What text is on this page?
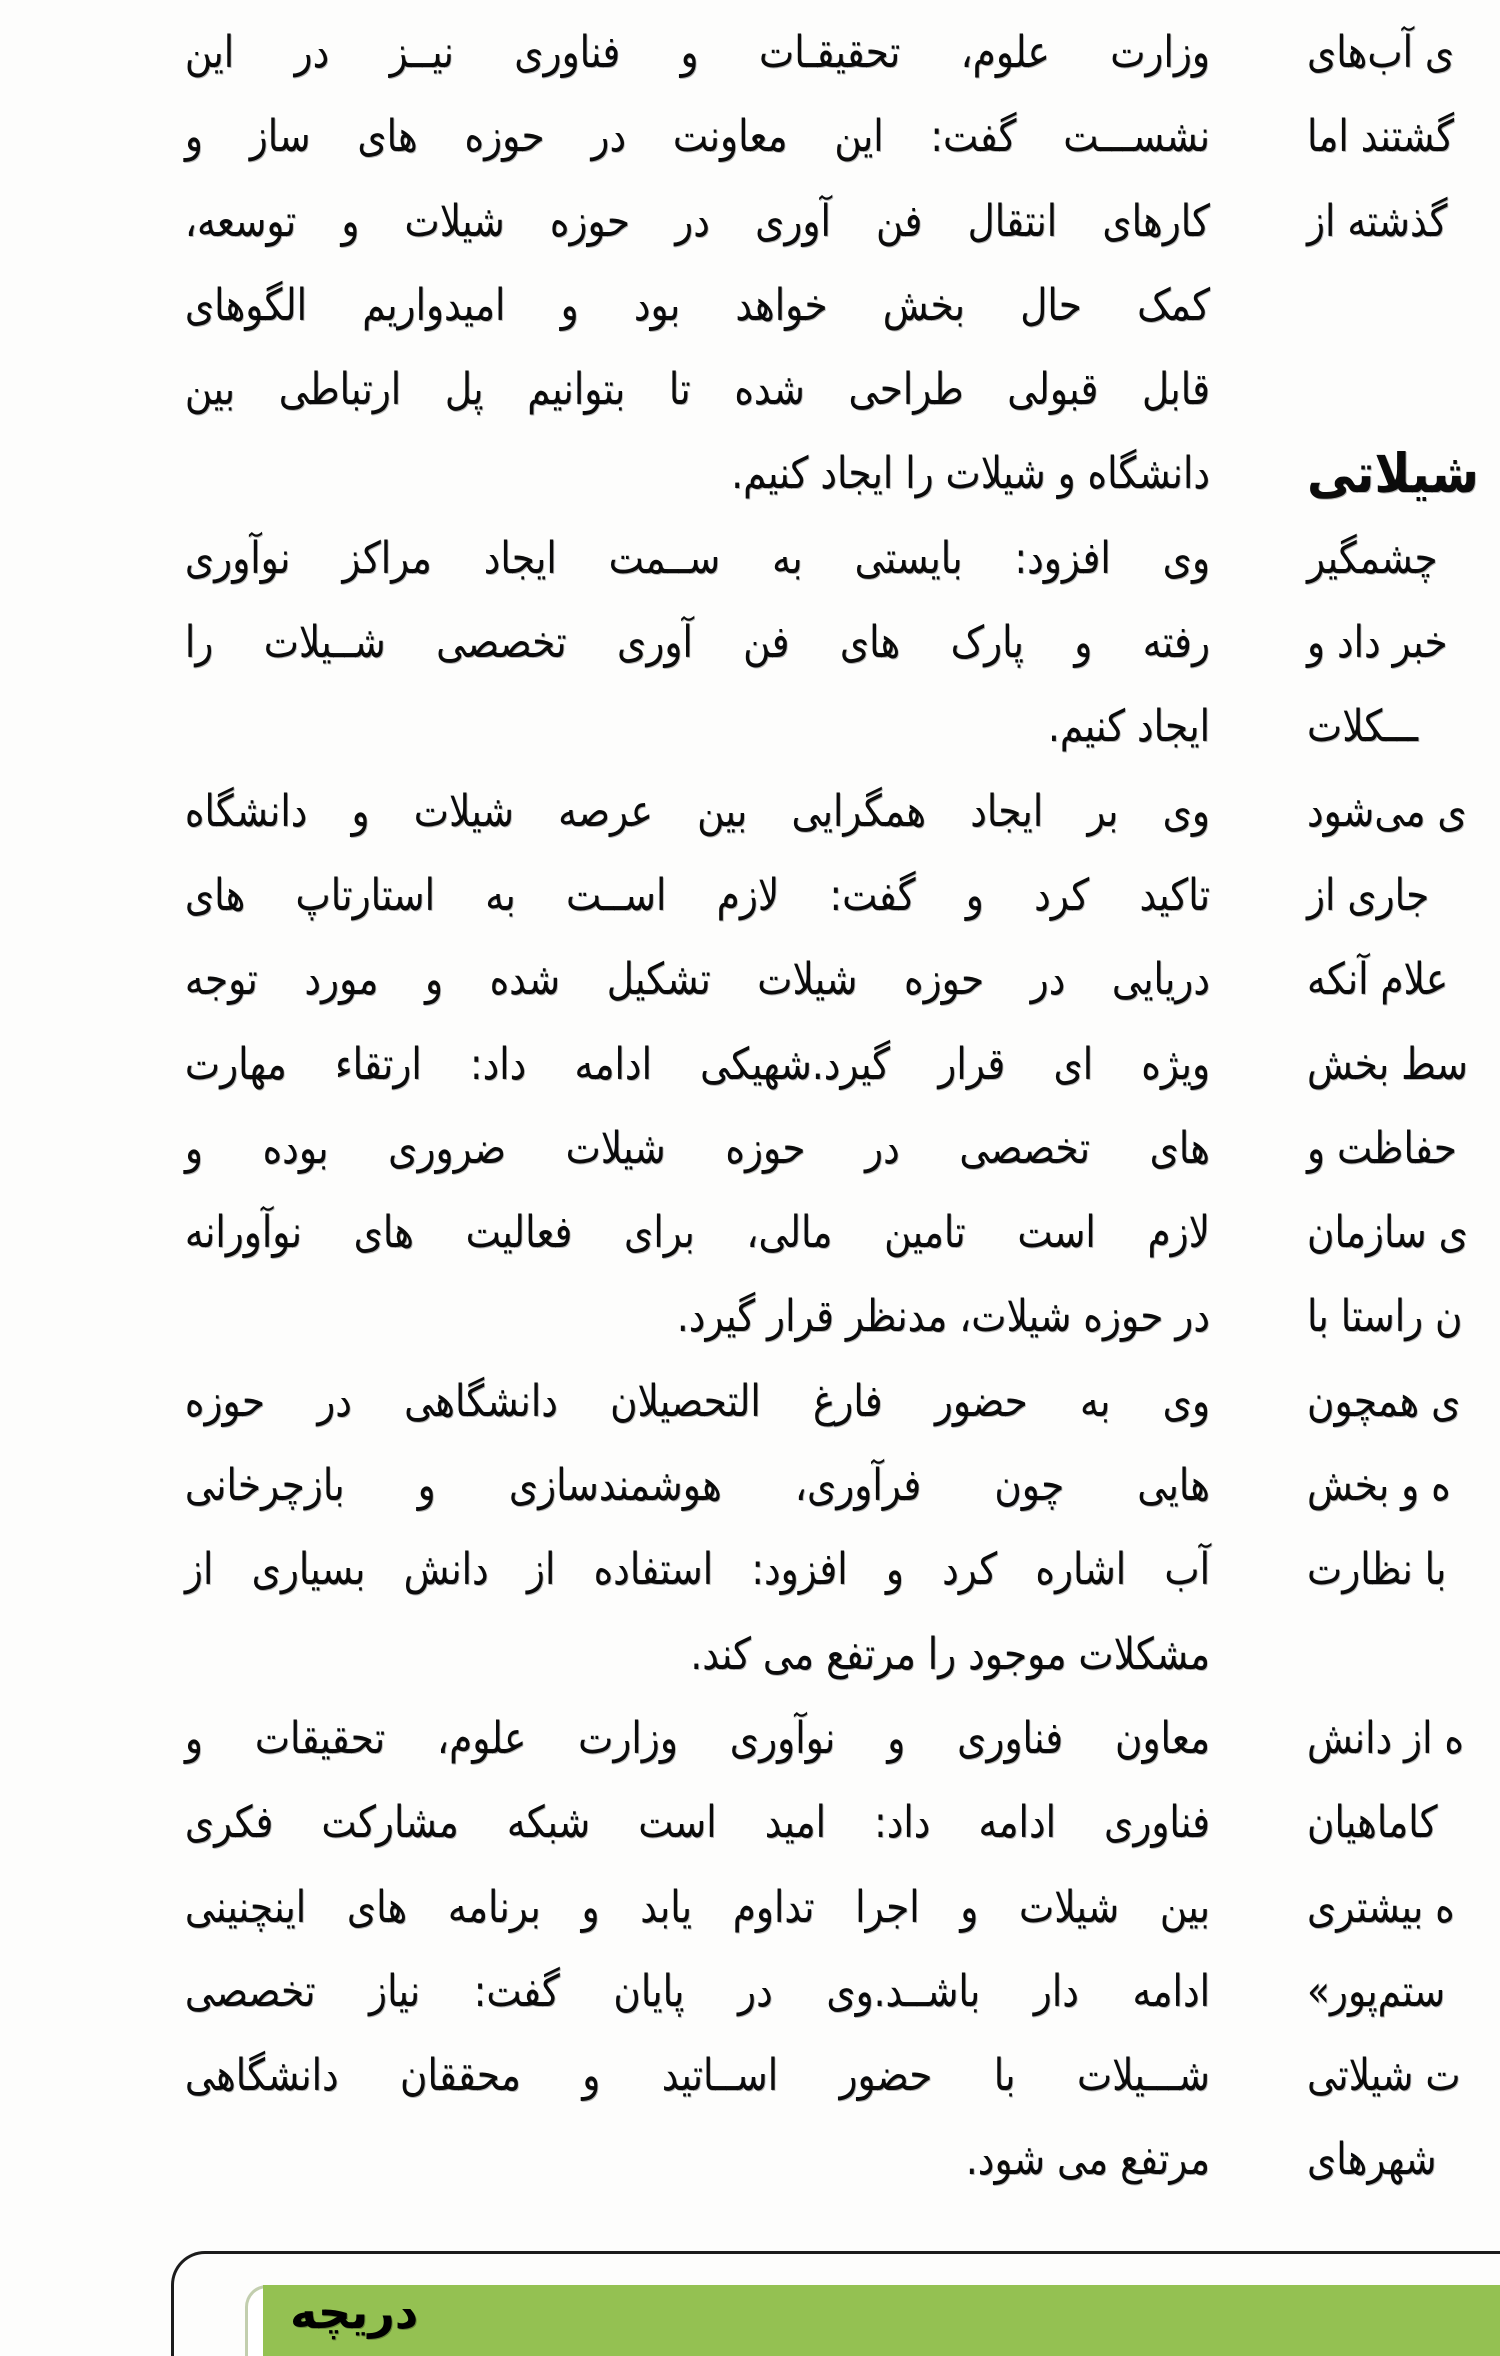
وزارت علوم، تحقیقـات و فناوری نیــز در این
نشســـت گفت: این معاونت در حوزه های ساز و
کارهای انتقال فن آوری در حوزه شیلات و توسعه،
کمک حال بخش خواهد بود و امیدواریم الگوهای
قابل قبولی طراحی شده تا بتوانیم پل ارتباطی بین
دانشگاه و شیلات را ایجاد کنیم.
وی افزود: بایستی به ســمت ایجاد مراکز نوآوری
رفته و پارک های فن آوری تخصصی شــیلات را
ایجاد کنیم.
وی بر ایجاد همگرایی بین عرصه شیلات و دانشگاه
تاکید کرد و گفت: لازم اســت به استارتاپ های
دریایی در حوزه شیلات تشکیل شده و مورد توجه
ویژه ای قرار گیرد.شهیکی ادامه داد: ارتقاء مهارت
های تخصصی در حوزه شیلات ضروری بوده و
لازم است تامین مالی، برای فعالیت های نوآورانه
در حوزه شیلات، مدنظر قرار گیرد.
وی به حضور فارغ التحصیلان دانشگاهی در حوزه
هایی چون فرآوری، هوشمندسازی و بازچرخانی
آب اشاره کرد و افزود: استفاده از دانش بسیاری از
مشکلات موجود را مرتفع می کند.
معاون فناوری و نوآوری وزارت علوم، تحقیقات و
فناوری ادامه داد: امید است شبکه مشارکت فکری
بین شیلات و اجرا تداوم یابد و برنامه های اینچنینی
ادامه دار باشــد.وی در پایان گفت: نیاز تخصصی
شـــیلات با حضور اســاتید و محققان دانشگاهی
مرتفع می شود.
ی آب‌های
گشتند اما
گذشته از
شیلاتی
چشمگیر
خبر داد و
ـــکلات
ی می‌شود
جاری از
علام آنکه
سط بخش
حفاظت و
ی سازمان
ن راستا با
ی همچون
ه و بخش
با نظارت
ه از دانش
کاماهیان
ه بیشتری
ستم‌پور»
ت شیلاتی
شهرهای
دریچه
